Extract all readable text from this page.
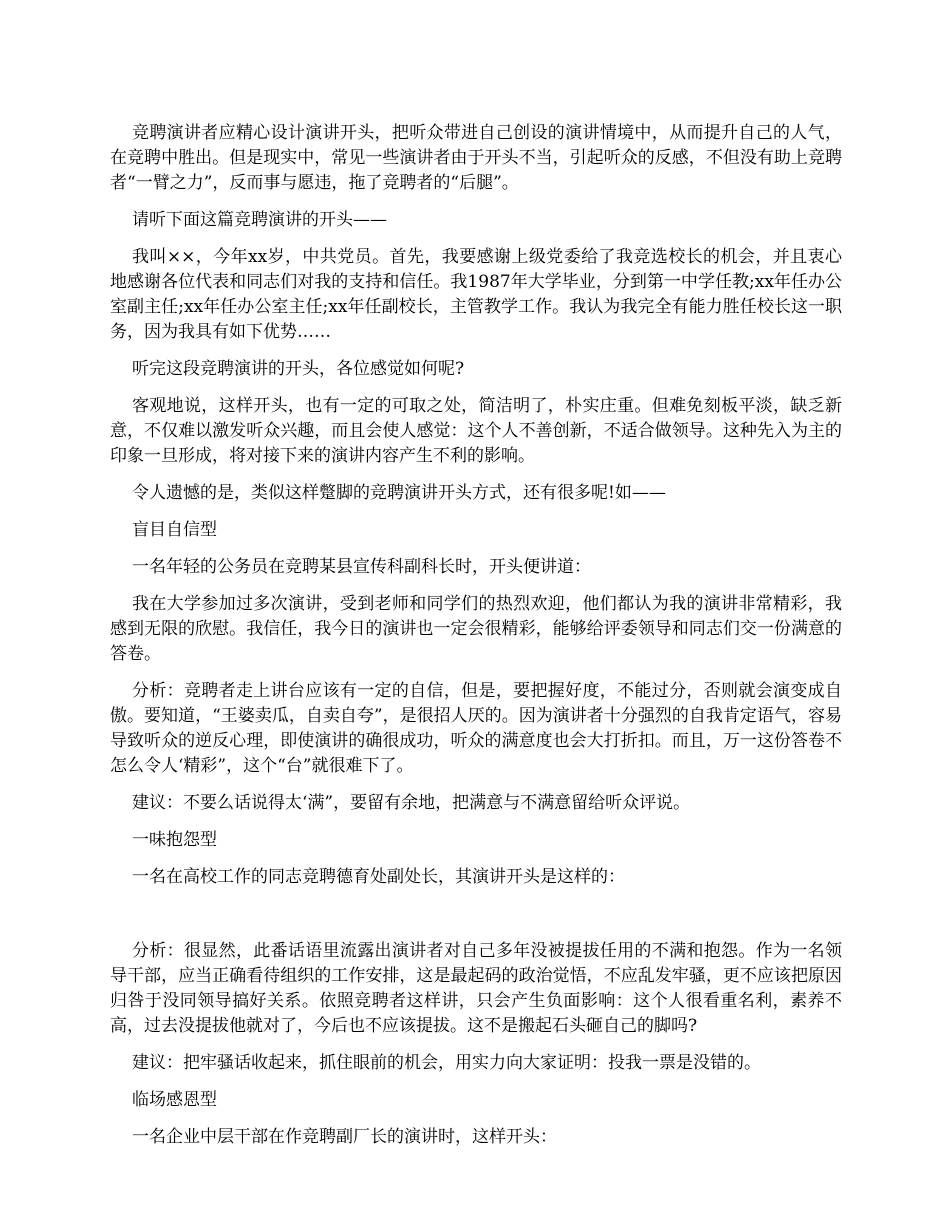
竞聘演讲者应精心设计演讲开头，把听众带进自己创设的演讲情境中，从而提升自己的人气，在竞聘中胜出。但是现实中，常见一些演讲者由于开头不当，引起听众的反感，不但没有助上竞聘者“一臂之力”，反而事与愿违，拖了竞聘者的“后腿”。

请听下面这篇竞聘演讲的开头——

我叫××，今年xx岁，中共党员。首先，我要感谢上级党委给了我竞选校长的机会，并且衷心地感谢各位代表和同志们对我的支持和信任。我1987年大学毕业，分到第一中学任教;xx年任办公室副主任;xx年任办公室主任;xx年任副校长，主管教学工作。我认为我完全有能力胜任校长这一职务，因为我具有如下优势……

听完这段竞聘演讲的开头，各位感觉如何呢?

客观地说，这样开头，也有一定的可取之处，简洁明了，朴实庄重。但难免刻板平淡，缺乏新意，不仅难以激发听众兴趣，而且会使人感觉：这个人不善创新，不适合做领导。这种先入为主的印象一旦形成，将对接下来的演讲内容产生不利的影响。

令人遗憾的是，类似这样蹩脚的竞聘演讲开头方式，还有很多呢!如——

盲目自信型

一名年轻的公务员在竞聘某县宣传科副科长时，开头便讲道：

我在大学参加过多次演讲，受到老师和同学们的热烈欢迎，他们都认为我的演讲非常精彩，我感到无限的欣慰。我信任，我今日的演讲也一定会很精彩，能够给评委领导和同志们交一份满意的答卷。

分析：竞聘者走上讲台应该有一定的自信，但是，要把握好度，不能过分，否则就会演变成自傲。要知道，“王婆卖瓜，自卖自夸”，是很招人厌的。因为演讲者十分强烈的自我肯定语气，容易导致听众的逆反心理，即使演讲的确很成功，听众的满意度也会大打折扣。而且，万一这份答卷不怎么令人‘精彩”，这个“台”就很难下了。

建议：不要么话说得太‘满”，要留有余地，把满意与不满意留给听众评说。

一味抱怨型

一名在高校工作的同志竞聘德育处副处长，其演讲开头是这样的：

分析：很显然，此番话语里流露出演讲者对自己多年没被提拔任用的不满和抱怨。作为一名领导干部，应当正确看待组织的工作安排，这是最起码的政治觉悟，不应乱发牢骚，更不应该把原因归咎于没同领导搞好关系。依照竞聘者这样讲，只会产生负面影响：这个人很看重名利，素养不高，过去没提拔他就对了，今后也不应该提拔。这不是搬起石头砸自己的脚吗?

建议：把牢骚话收起来，抓住眼前的机会，用实力向大家证明：投我一票是没错的。

临场感恩型

一名企业中层干部在作竞聘副厂长的演讲时，这样开头：
